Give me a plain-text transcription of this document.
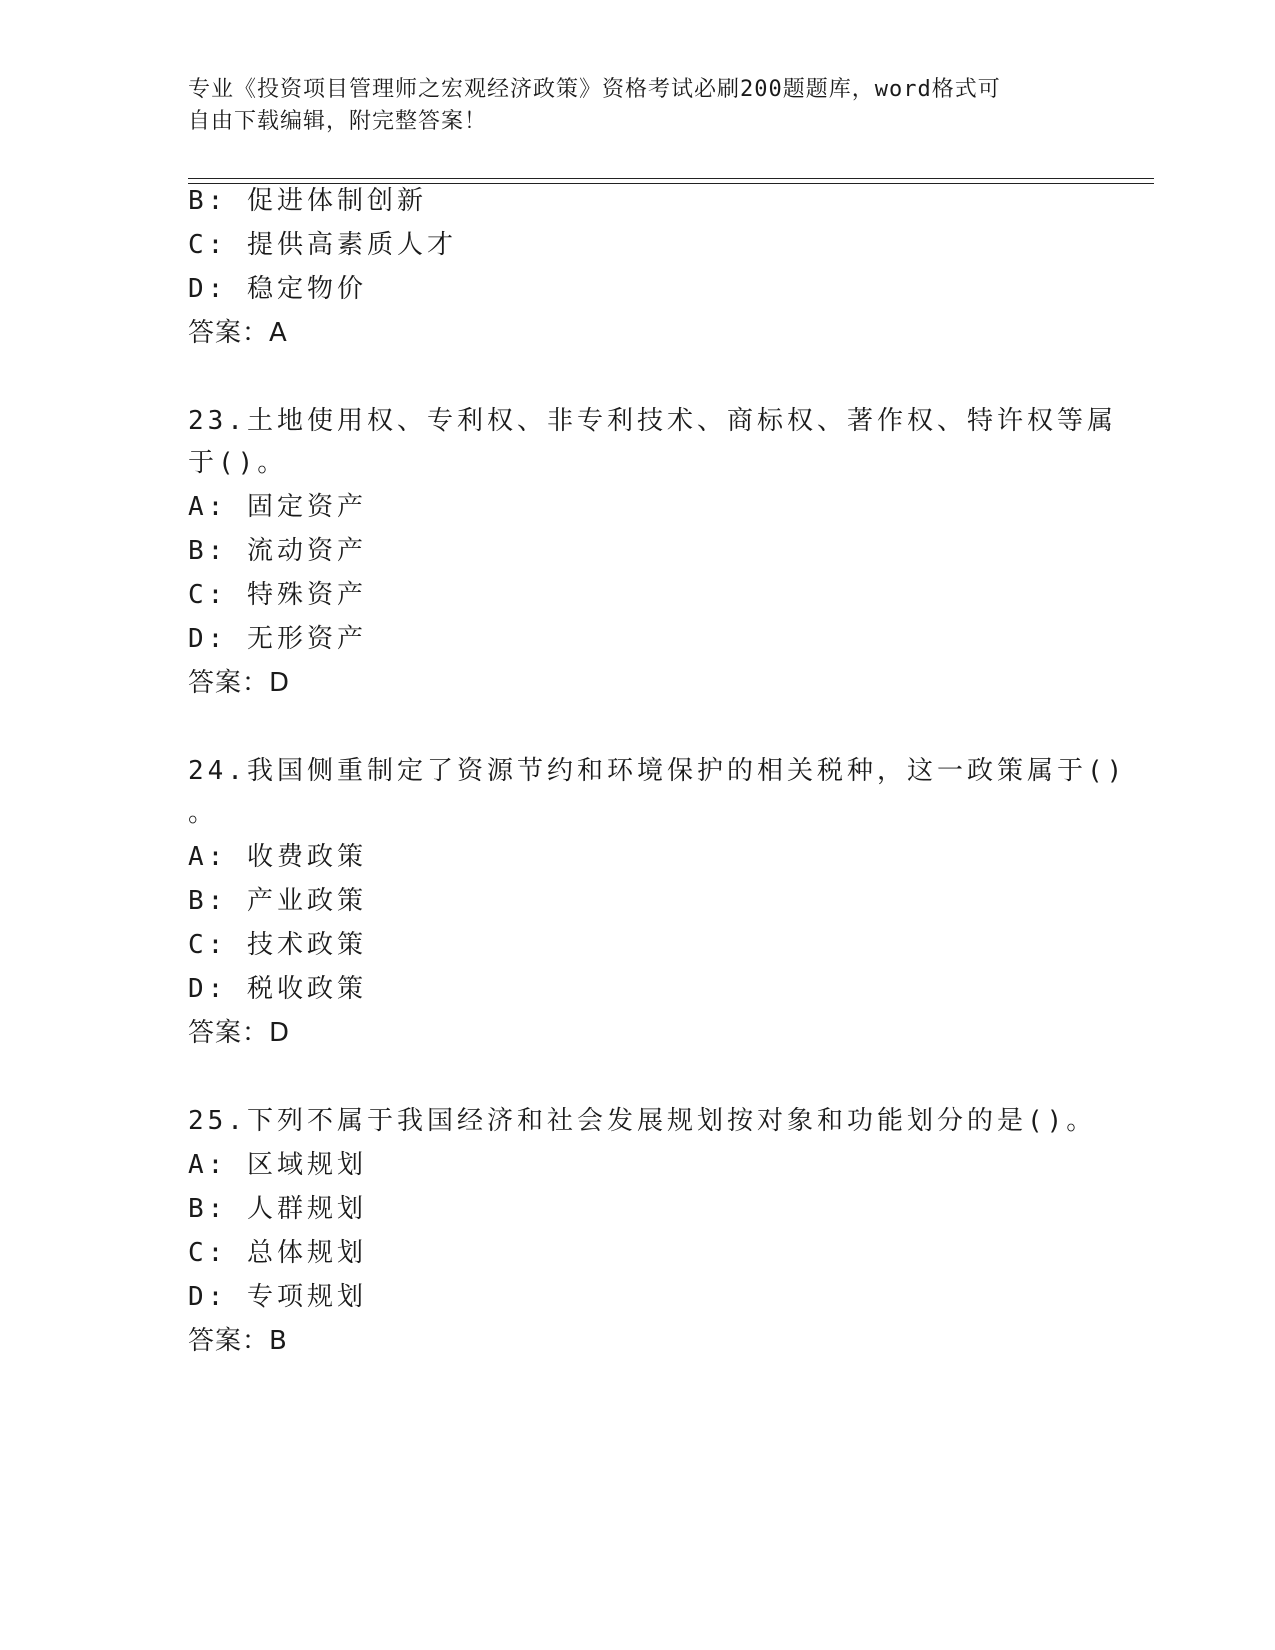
专业《投资项目管理师之宏观经济政策》资格考试必刷200题题库，word格式可
自由下载编辑，附完整答案！
B: 促进体制创新
C: 提供高素质人才
D: 稳定物价
答案：A
23.土地使用权、专利权、非专利技术、商标权、著作权、特许权等属
于()。
A: 固定资产
B: 流动资产
C: 特殊资产
D: 无形资产
答案：D
24.我国侧重制定了资源节约和环境保护的相关税种，这一政策属于()
。
A: 收费政策
B: 产业政策
C: 技术政策
D: 税收政策
答案：D
25.下列不属于我国经济和社会发展规划按对象和功能划分的是()。
A: 区域规划
B: 人群规划
C: 总体规划
D: 专项规划
答案：B
